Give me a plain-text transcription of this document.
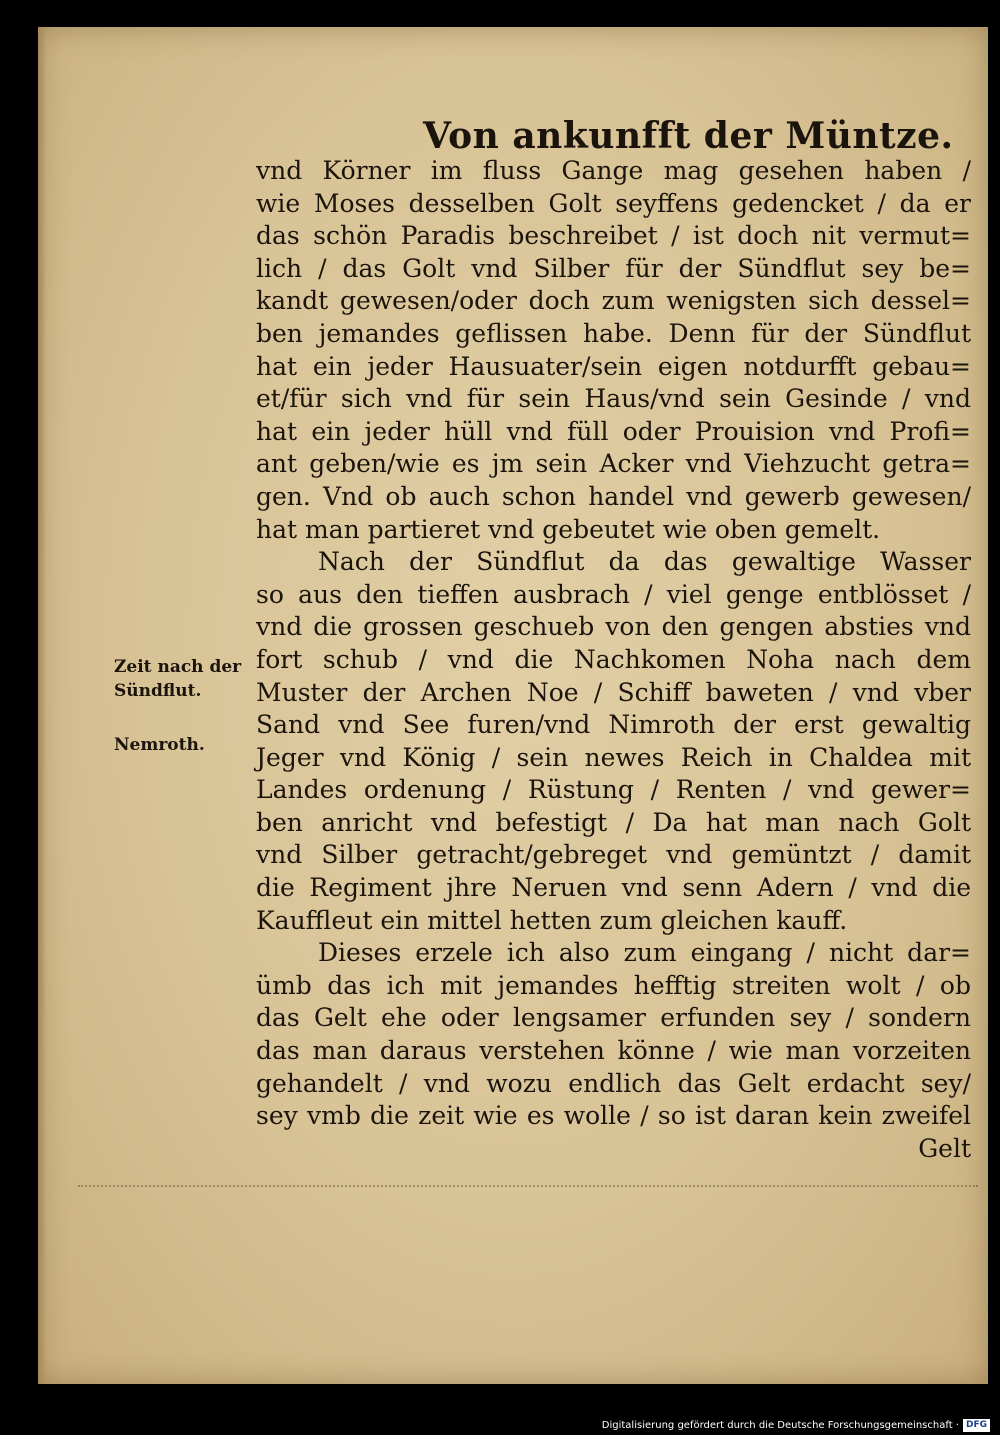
Von ankunfft der Müntze.
vnd Körner im fluss Gange mag gesehen haben /
wie Moses desselben Golt seyffens gedencket / da er
das schön Paradis beschreibet / ist doch nit vermut=
lich / das Golt vnd Silber für der Sündflut sey be=
kandt gewesen/oder doch zum wenigsten sich dessel=
ben jemandes geflissen habe. Denn für der Sündflut
hat ein jeder Hausuater/sein eigen notdurfft gebau=
et/für sich vnd für sein Haus/vnd sein Gesinde / vnd
hat ein jeder hüll vnd füll oder Prouision vnd Profi=
ant geben/wie es jm sein Acker vnd Viehzucht getra=
gen. Vnd ob auch schon handel vnd gewerb gewesen/
hat man partieret vnd gebeutet wie oben gemelt.
Nach der Sündflut da das gewaltige Wasser
so aus den tieffen ausbrach / viel genge entblösset /
vnd die grossen geschueb von den gengen absties vnd
fort schub / vnd die Nachkomen Noha nach dem
Muster der Archen Noe / Schiff baweten / vnd vber
Sand vnd See furen/vnd Nimroth der erst gewaltig
Jeger vnd König / sein newes Reich in Chaldea mit
Landes ordenung / Rüstung / Renten / vnd gewer=
ben anricht vnd befestigt / Da hat man nach Golt
vnd Silber getracht/gebreget vnd gemüntzt / damit
die Regiment jhre Neruen vnd senn Adern / vnd die
Kauffleut ein mittel hetten zum gleichen kauff.
Dieses erzele ich also zum eingang / nicht dar=
ümb das ich mit jemandes hefftig streiten wolt / ob
das Gelt ehe oder lengsamer erfunden sey / sondern
das man daraus verstehen könne / wie man vorzeiten
gehandelt / vnd wozu endlich das Gelt erdacht sey/
sey vmb die zeit wie es wolle / so ist daran kein zweifel
Gelt
Zeit nach der
Sündflut.
Nemroth.
Digitalisierung gefördert durch die Deutsche Forschungsgemeinschaft · DFG
